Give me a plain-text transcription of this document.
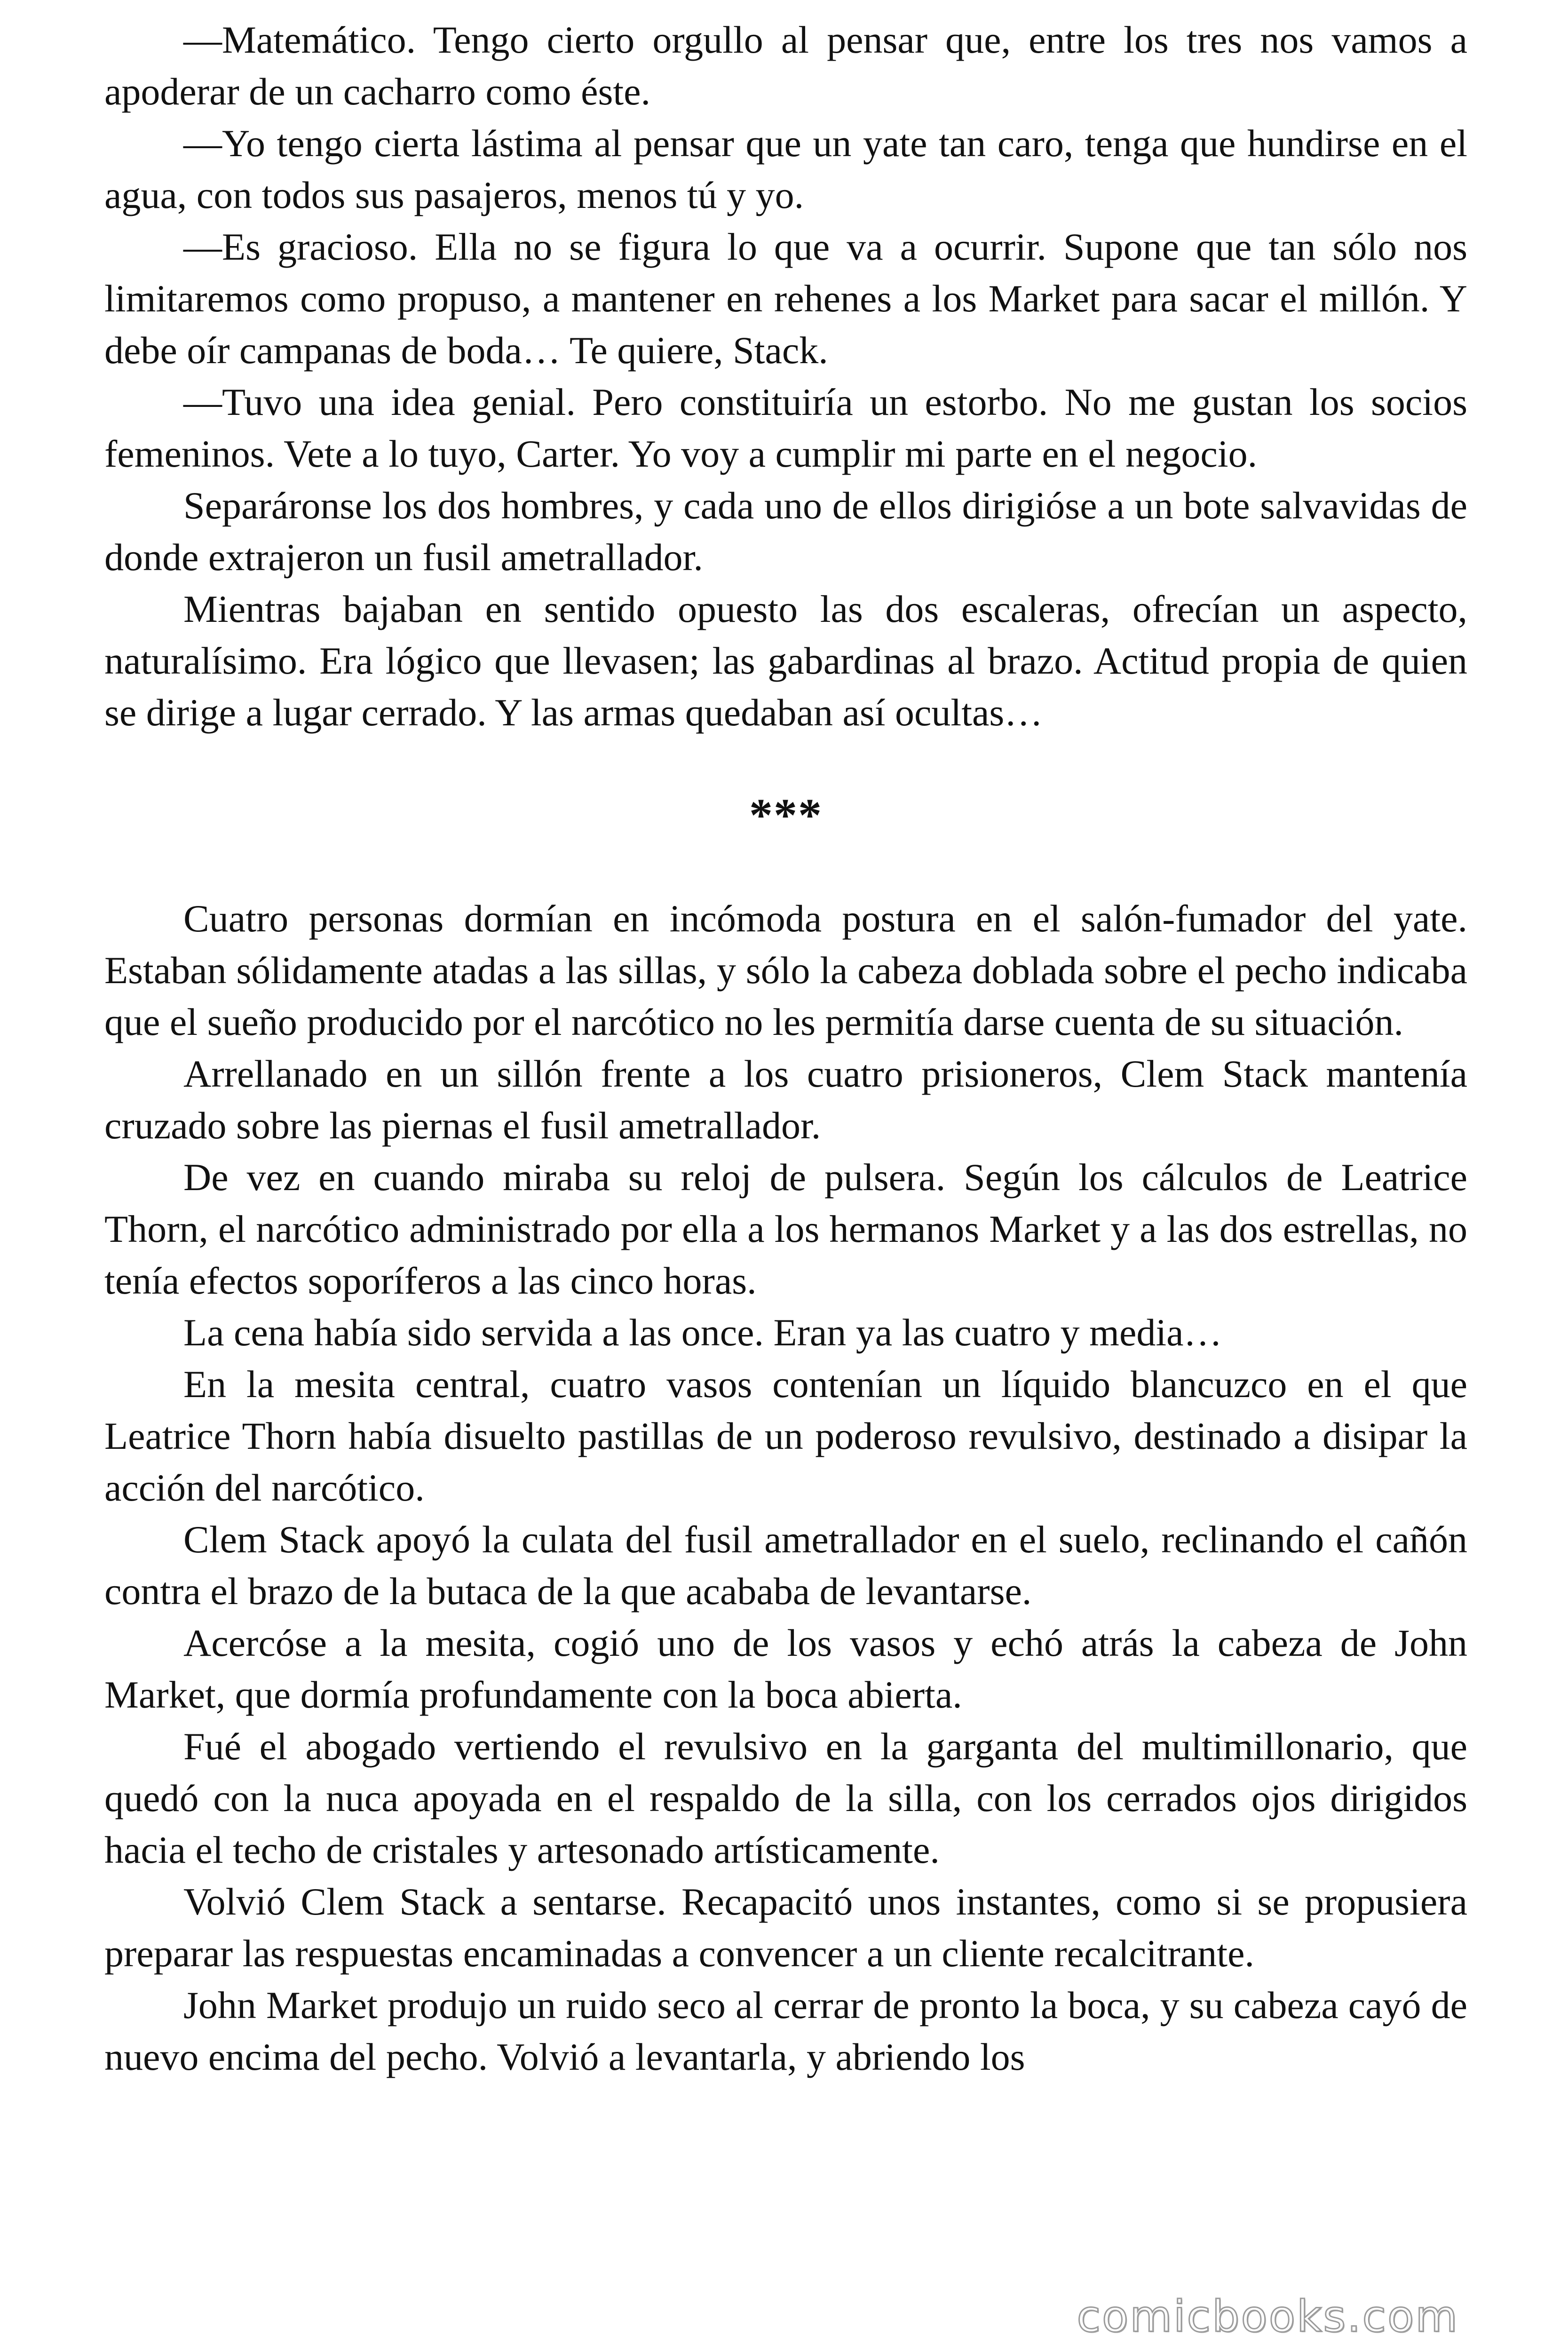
—Matemático. Tengo cierto orgullo al pensar que, entre los tres nos vamos a apoderar de un cacharro como éste.

—Yo tengo cierta lástima al pensar que un yate tan caro, tenga que hundirse en el agua, con todos sus pasajeros, menos tú y yo.

—Es gracioso. Ella no se figura lo que va a ocurrir. Supone que tan sólo nos limitaremos como propuso, a mantener en rehenes a los Market para sacar el millón. Y debe oír campanas de boda… Te quiere, Stack.

—Tuvo una idea genial. Pero constituiría un estorbo. No me gustan los socios femeninos. Vete a lo tuyo, Carter. Yo voy a cumplir mi parte en el negocio.

Separáronse los dos hombres, y cada uno de ellos dirigióse a un bote salvavidas de donde extrajeron un fusil ametrallador.

Mientras bajaban en sentido opuesto las dos escaleras, ofrecían un aspecto, naturalísimo. Era lógico que llevasen; las gabardinas al brazo. Actitud propia de quien se dirige a lugar cerrado. Y las armas quedaban así ocultas…

***

Cuatro personas dormían en incómoda postura en el salón-fumador del yate. Estaban sólidamente atadas a las sillas, y sólo la cabeza doblada sobre el pecho indicaba que el sueño producido por el narcótico no les permitía darse cuenta de su situación.

Arrellanado en un sillón frente a los cuatro prisioneros, Clem Stack mantenía cruzado sobre las piernas el fusil ametrallador.

De vez en cuando miraba su reloj de pulsera. Según los cálculos de Leatrice Thorn, el narcótico administrado por ella a los hermanos Market y a las dos estrellas, no tenía efectos soporíferos a las cinco horas.

La cena había sido servida a las once. Eran ya las cuatro y media…

En la mesita central, cuatro vasos contenían un líquido blancuzco en el que Leatrice Thorn había disuelto pastillas de un poderoso revulsivo, destinado a disipar la acción del narcótico.

Clem Stack apoyó la culata del fusil ametrallador en el suelo, reclinando el cañón contra el brazo de la butaca de la que acababa de levantarse.

Acercóse a la mesita, cogió uno de los vasos y echó atrás la cabeza de John Market, que dormía profundamente con la boca abierta.

Fué el abogado vertiendo el revulsivo en la garganta del multimillonario, que quedó con la nuca apoyada en el respaldo de la silla, con los cerrados ojos dirigidos hacia el techo de cristales y artesonado artísticamente.

Volvió Clem Stack a sentarse. Recapacitó unos instantes, como si se propusiera preparar las respuestas encaminadas a convencer a un cliente recalcitrante.

John Market produjo un ruido seco al cerrar de pronto la boca, y su cabeza cayó de nuevo encima del pecho. Volvió a levantarla, y abriendo los

comicbooks.com
